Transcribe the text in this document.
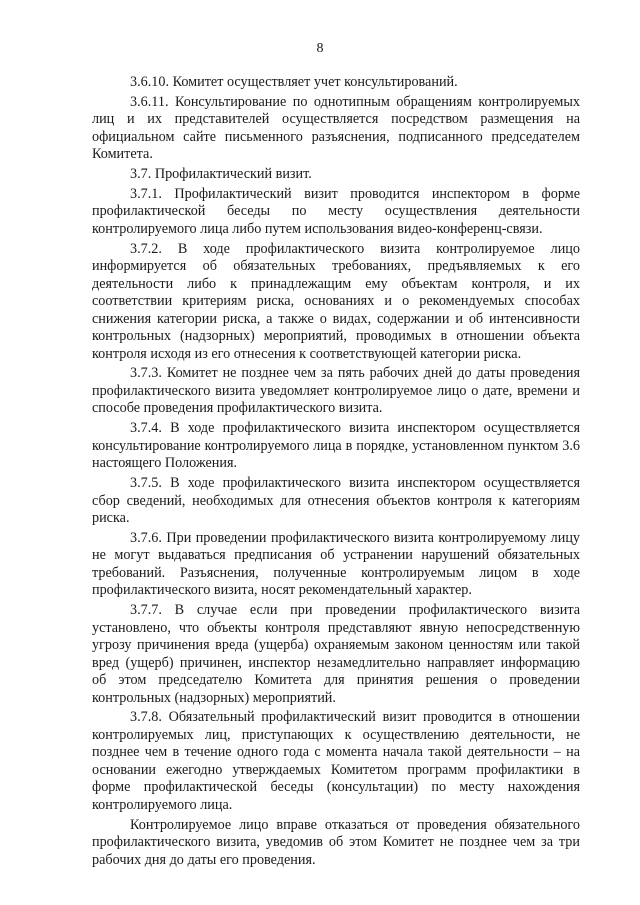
8

3.6.10. Комитет осуществляет учет консультирований.

3.6.11. Консультирование по однотипным обращениям контролируемых лиц и их представителей осуществляется посредством размещения на официальном сайте письменного разъяснения, подписанного председателем Комитета.

3.7. Профилактический визит.

3.7.1. Профилактический визит проводится инспектором в форме профилактической беседы по месту осуществления деятельности контролируемого лица либо путем использования видео-конференц-связи.

3.7.2. В ходе профилактического визита контролируемое лицо информируется об обязательных требованиях, предъявляемых к его деятельности либо к принадлежащим ему объектам контроля, и их соответствии критериям риска, основаниях и о рекомендуемых способах снижения категории риска, а также о видах, содержании и об интенсивности контрольных (надзорных) мероприятий, проводимых в отношении объекта контроля исходя из его отнесения к соответствующей категории риска.

3.7.3. Комитет не позднее чем за пять рабочих дней до даты проведения профилактического визита уведомляет контролируемое лицо о дате, времени и способе проведения профилактического визита.

3.7.4. В ходе профилактического визита инспектором осуществляется консультирование контролируемого лица в порядке, установленном пунктом 3.6 настоящего Положения.

3.7.5. В ходе профилактического визита инспектором осуществляется сбор сведений, необходимых для отнесения объектов контроля к категориям риска.

3.7.6. При проведении профилактического визита контролируемому лицу не могут выдаваться предписания об устранении нарушений обязательных требований. Разъяснения, полученные контролируемым лицом в ходе профилактического визита, носят рекомендательный характер.

3.7.7. В случае если при проведении профилактического визита установлено, что объекты контроля представляют явную непосредственную угрозу причинения вреда (ущерба) охраняемым законом ценностям или такой вред (ущерб) причинен, инспектор незамедлительно направляет информацию об этом председателю Комитета для принятия решения о проведении контрольных (надзорных) мероприятий.

3.7.8. Обязательный профилактический визит проводится в отношении контролируемых лиц, приступающих к осуществлению деятельности, не позднее чем в течение одного года с момента начала такой деятельности – на основании ежегодно утверждаемых Комитетом программ профилактики в форме профилактической беседы (консультации) по месту нахождения контролируемого лица.

Контролируемое лицо вправе отказаться от проведения обязательного профилактического визита, уведомив об этом Комитет не позднее чем за три рабочих дня до даты его проведения.
